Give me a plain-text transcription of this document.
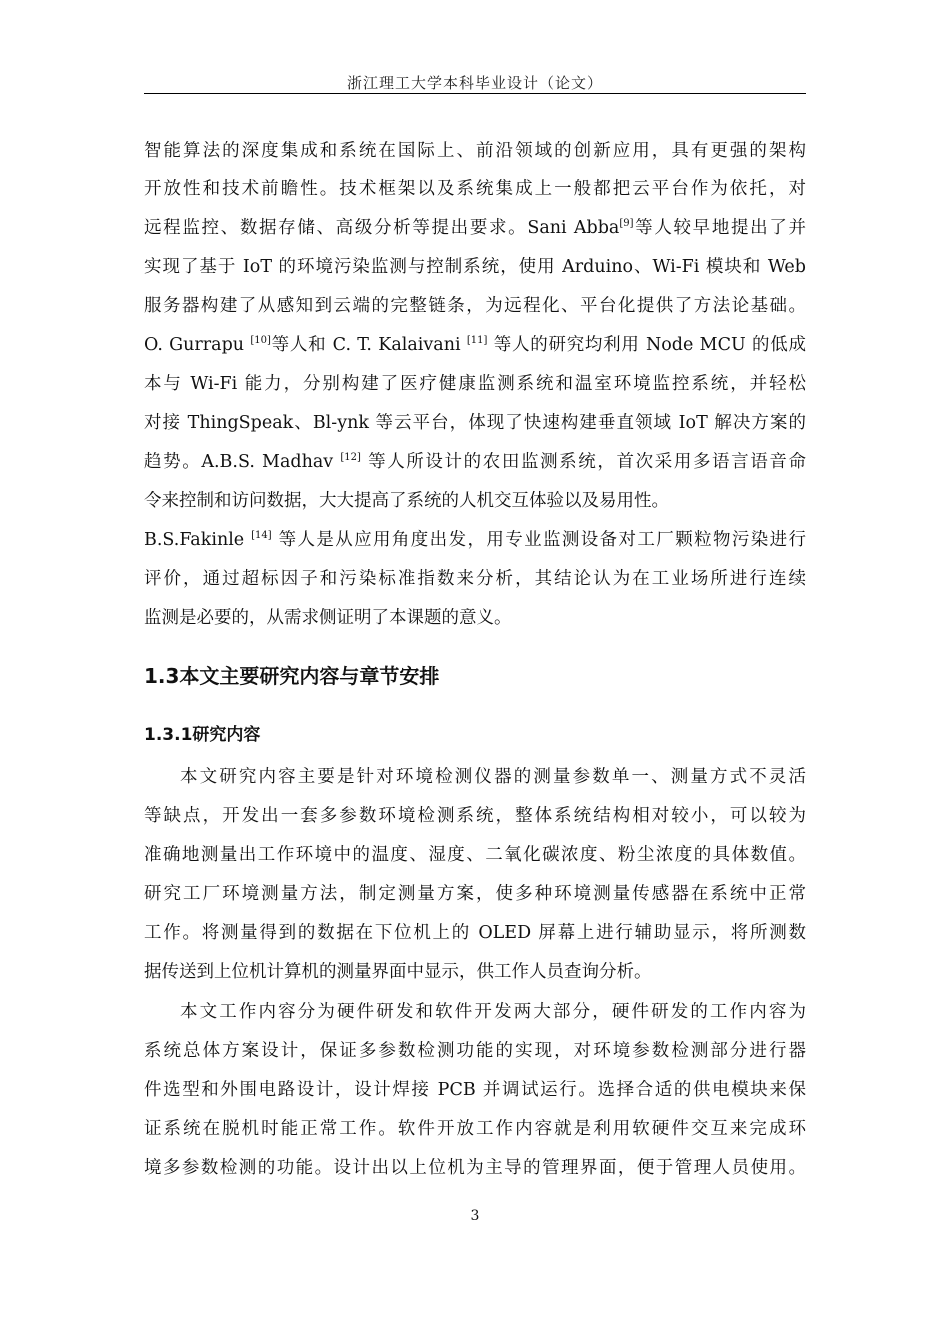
浙江理工大学本科毕业设计（论文）
智能算法的深度集成和系统在国际上、前沿领域的创新应用，具有更强的架构
开放性和技术前瞻性。技术框架以及系统集成上一般都把云平台作为依托，对
远程监控、数据存储、高级分析等提出要求。Sani Abba[9]等人较早地提出了并
实现了基于 IoT 的环境污染监测与控制系统，使用 Arduino、Wi-Fi 模块和 Web
服务器构建了从感知到云端的完整链条，为远程化、平台化提供了方法论基础。
O. Gurrapu [10]等人和 C. T. Kalaivani [11] 等人的研究均利用 Node MCU 的低成
本与 Wi-Fi 能力，分别构建了医疗健康监测系统和温室环境监控系统，并轻松
对接 ThingSpeak、Bl-ynk 等云平台，体现了快速构建垂直领域 IoT 解决方案的
趋势。A.B.S. Madhav [12] 等人所设计的农田监测系统，首次采用多语言语音命
令来控制和访问数据，大大提高了系统的人机交互体验以及易用性。
B.S.Fakinle [14] 等人是从应用角度出发，用专业监测设备对工厂颗粒物污染进行
评价，通过超标因子和污染标准指数来分析，其结论认为在工业场所进行连续
监测是必要的，从需求侧证明了本课题的意义。
1.3本文主要研究内容与章节安排
1.3.1研究内容
本文研究内容主要是针对环境检测仪器的测量参数单一、测量方式不灵活
等缺点，开发出一套多参数环境检测系统，整体系统结构相对较小，可以较为
准确地测量出工作环境中的温度、湿度、二氧化碳浓度、粉尘浓度的具体数值。
研究工厂环境测量方法，制定测量方案，使多种环境测量传感器在系统中正常
工作。将测量得到的数据在下位机上的 OLED 屏幕上进行辅助显示，将所测数
据传送到上位机计算机的测量界面中显示，供工作人员查询分析。
本文工作内容分为硬件研发和软件开发两大部分，硬件研发的工作内容为
系统总体方案设计，保证多参数检测功能的实现，对环境参数检测部分进行器
件选型和外围电路设计，设计焊接 PCB 并调试运行。选择合适的供电模块来保
证系统在脱机时能正常工作。软件开放工作内容就是利用软硬件交互来完成环
境多参数检测的功能。设计出以上位机为主导的管理界面，便于管理人员使用。
3
